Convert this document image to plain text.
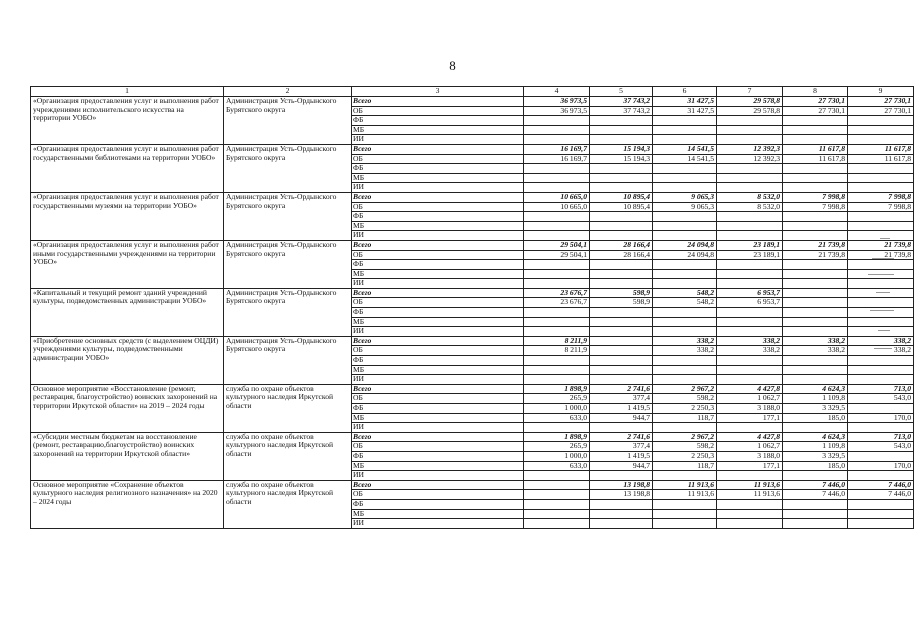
8
1	2	3	4	5	6	7	8	9
«Организация предоставления услуг и выполнения работ учреждениями исполнительского искусства на территории УОБО»	Администрация Усть-Ордынского Бурятского округа	Всего	36 973,5	37 743,2	31 427,5	29 578,8	27 730,1	27 730,1
		ОБ	36 973,5	37 743,2	31 427,5	29 578,8	27 730,1	27 730,1
		ФБ						
		МБ						
		ИИ						
«Организация предоставления услуг и выполнения работ государственными библиотеками на территории УОБО»	Администрация Усть-Ордынского Бурятского округа	Всего	16 169,7	15 194,3	14 541,5	12 392,3	11 617,8	11 617,8
		ОБ	16 169,7	15 194,3	14 541,5	12 392,3	11 617,8	11 617,8
		ФБ						
		МБ						
		ИИ						
«Организация предоставления услуг и выполнения работ государственными музеями на территории УОБО»	Администрация Усть-Ордынского Бурятского округа	Всего	10 665,0	10 895,4	9 065,3	8 532,0	7 998,8	7 998,8
		ОБ	10 665,0	10 895,4	9 065,3	8 532,0	7 998,8	7 998,8
		ФБ						
		МБ						
		ИИ						
«Организация предоставления услуг и выполнения работ иными государственными учреждениями на территории УОБО»	Администрация Усть-Ордынского Бурятского округа	Всего	29 504,1	28 166,4	24 094,8	23 189,1	21 739,8	21 739,8
		ОБ	29 504,1	28 166,4	24 094,8	23 189,1	21 739,8	21 739,8
		ФБ						
		МБ						
		ИИ						
«Капитальный и текущий ремонт зданий учреждений культуры, подведомственных администрации УОБО»	Администрация Усть-Ордынского Бурятского округа	Всего	23 676,7	598,9	548,2	6 953,7		
		ОБ	23 676,7	598,9	548,2	6 953,7		
		ФБ						
		МБ						
		ИИ						
«Приобретение основных средств (с выделением ОЦДИ) учреждениями культуры, подведомственными администрации УОБО»	Администрация Усть-Ордынского Бурятского округа	Всего	8 211,9		338,2	338,2	338,2	338,2
		ОБ	8 211,9		338,2	338,2	338,2	338,2
		ФБ						
		МБ						
		ИИ						
Основное мероприятие «Восстановление (ремонт, реставрация, благоустройство) воинских захоронений на территории Иркутской области» на 2019 – 2024 годы	служба по охране объектов культурного наследия Иркутской области	Всего	1 898,9	2 741,6	2 967,2	4 427,8	4 624,3	713,0
		ОБ	265,9	377,4	598,2	1 062,7	1 109,8	543,0
		ФБ	1 000,0	1 419,5	2 250,3	3 188,0	3 329,5	
		МБ	633,0	944,7	118,7	177,1	185,0	170,0
		ИИ						
«Субсидии местным бюджетам на восстановление (ремонт, реставрацию,благоустройство) воинских захоронений на территории Иркутской области»	служба по охране объектов культурного наследия Иркутской области	Всего	1 898,9	2 741,6	2 967,2	4 427,8	4 624,3	713,0
		ОБ	265,9	377,4	598,2	1 062,7	1 109,8	543,0
		ФБ	1 000,0	1 419,5	2 250,3	3 188,0	3 329,5	
		МБ	633,0	944,7	118,7	177,1	185,0	170,0
		ИИ						
Основное мероприятие «Сохранение объектов культурного наследия религиозного назначения» на 2020 – 2024 годы	служба по охране объектов культурного наследия Иркутской области	Всего		13 198,8	11 913,6	11 913,6	7 446,0	7 446,0
		ОБ		13 198,8	11 913,6	11 913,6	7 446,0	7 446,0
		ФБ						
		МБ						
		ИИ						
